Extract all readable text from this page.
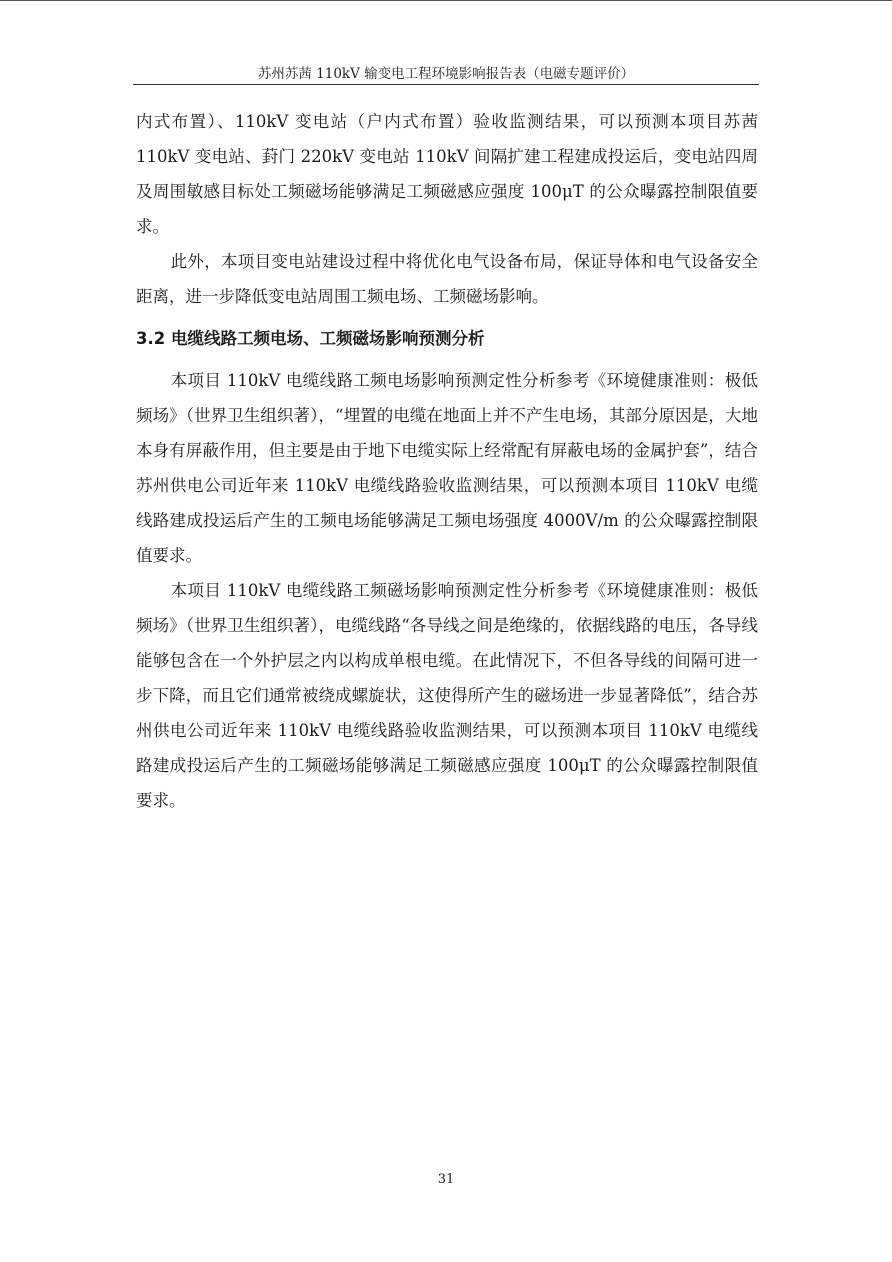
苏州苏茜 110kV 输变电工程环境影响报告表（电磁专题评价）

内式布置）、110kV 变电站（户内式布置）验收监测结果，可以预测本项目苏茜 110kV 变电站、葑门 220kV 变电站 110kV 间隔扩建工程建成投运后，变电站四周及周围敏感目标处工频磁场能够满足工频磁感应强度 100μT 的公众曝露控制限值要求。

此外，本项目变电站建设过程中将优化电气设备布局，保证导体和电气设备安全距离，进一步降低变电站周围工频电场、工频磁场影响。

3.2 电缆线路工频电场、工频磁场影响预测分析

本项目 110kV 电缆线路工频电场影响预测定性分析参考《环境健康准则：极低频场》（世界卫生组织著），“埋置的电缆在地面上并不产生电场，其部分原因是，大地本身有屏蔽作用，但主要是由于地下电缆实际上经常配有屏蔽电场的金属护套”，结合苏州供电公司近年来 110kV 电缆线路验收监测结果，可以预测本项目 110kV 电缆线路建成投运后产生的工频电场能够满足工频电场强度 4000V/m 的公众曝露控制限值要求。

本项目 110kV 电缆线路工频磁场影响预测定性分析参考《环境健康准则：极低频场》（世界卫生组织著），电缆线路“各导线之间是绝缘的，依据线路的电压，各导线能够包含在一个外护层之内以构成单根电缆。在此情况下，不但各导线的间隔可进一步下降，而且它们通常被绕成螺旋状，这使得所产生的磁场进一步显著降低”，结合苏州供电公司近年来 110kV 电缆线路验收监测结果，可以预测本项目 110kV 电缆线路建成投运后产生的工频磁场能够满足工频磁感应强度 100μT 的公众曝露控制限值要求。

31
